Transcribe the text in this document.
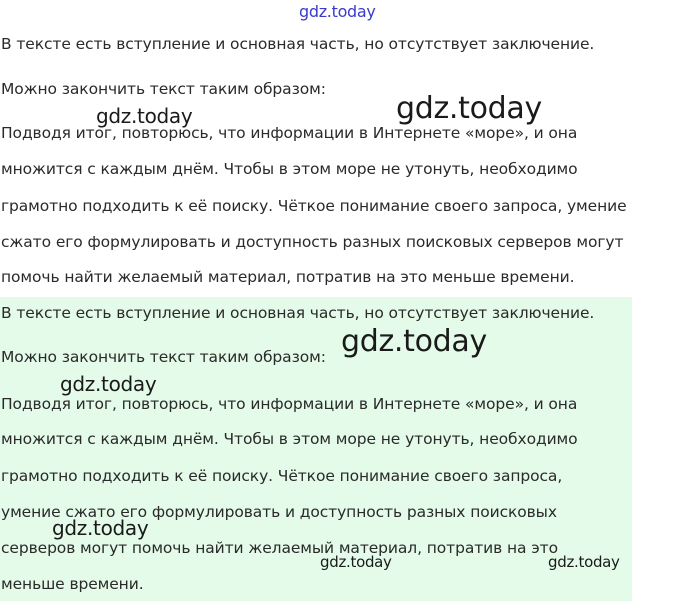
В тексте есть вступление и основная часть, но отсутствует заключение.
Можно закончить текст таким образом:
Подводя итог, повторюсь, что информации в Интернете «море», и она
множится с каждым днём. Чтобы в этом море не утонуть, необходимо
грамотно подходить к её поиску. Чёткое понимание своего запроса, умение
сжато его формулировать и доступность разных поисковых серверов могут
помочь найти желаемый материал, потратив на это меньше времени.
В тексте есть вступление и основная часть, но отсутствует заключение.
Можно закончить текст таким образом:
Подводя итог, повторюсь, что информации в Интернете «море», и она
множится с каждым днём. Чтобы в этом море не утонуть, необходимо
грамотно подходить к её поиску. Чёткое понимание своего запроса,
умение сжато его формулировать и доступность разных поисковых
серверов могут помочь найти желаемый материал, потратив на это
меньше времени.
gdz.today
gdz.today	gdz.today
gdz.today
gdz.today
gdz.today
gdz.today	gdz.today
